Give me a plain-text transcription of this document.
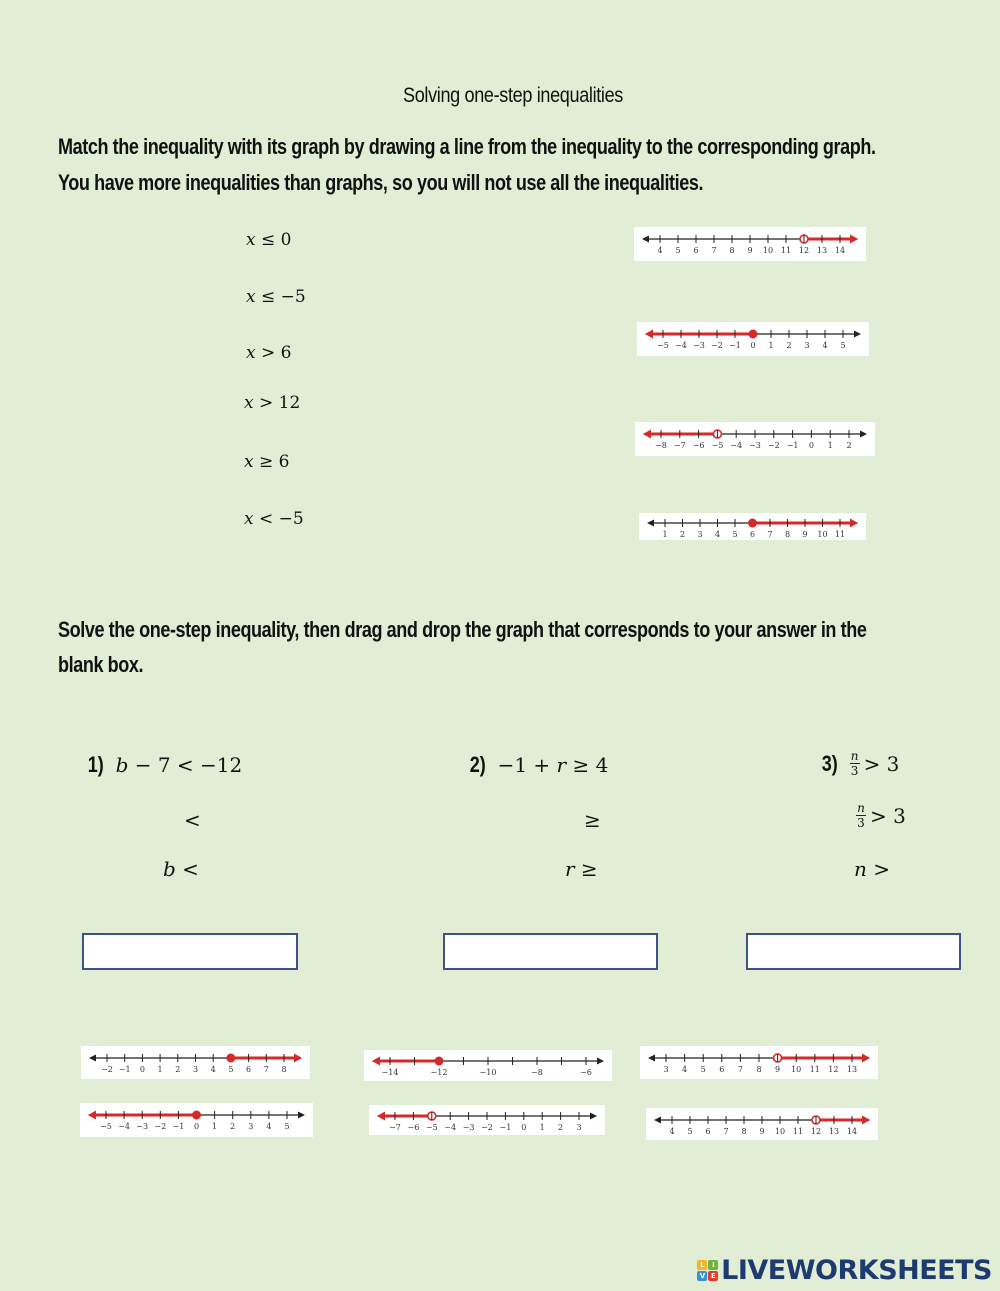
Solving one-step inequalities
Match the inequality with its graph by drawing a line from the inequality to the corresponding graph.
You have more inequalities than graphs, so you will not use all the inequalities.
x ≤ 0
x ≤ −5
x > 6
x > 12
x ≥ 6
x < −5
4 5 6 7 8 9 10 11 12 13 14
−5 −4 −3 −2 −1 0 1 2 3 4 5
−8 −7 −6 −5 −4 −3 −2 −1 0 1 2
1 2 3 4 5 6 7 8 9 10 11
Solve the one-step inequality, then drag and drop the graph that corresponds to your answer in the
blank box.
1) b − 7 < −12
<
b <
2) −1 + r ≥ 4
≥
r ≥
$3) \frac{n}{3} > 3$
$\frac{n}{3} > 3$
n >
−2 −1 0 1 2 3 4 5 6 7 8
−5 −4 −3 −2 −1 0 1 2 3 4 5
−14	−12	−10	−8	−6
−7 −6 −5 −4 −3 −2 −1 0 1 2 3
3 4 5 6 7 8 9 10 11 12 13
4 5 6 7 8 9 10 11 12 13 14
L	I
V E LIVEWORKSHEETS
